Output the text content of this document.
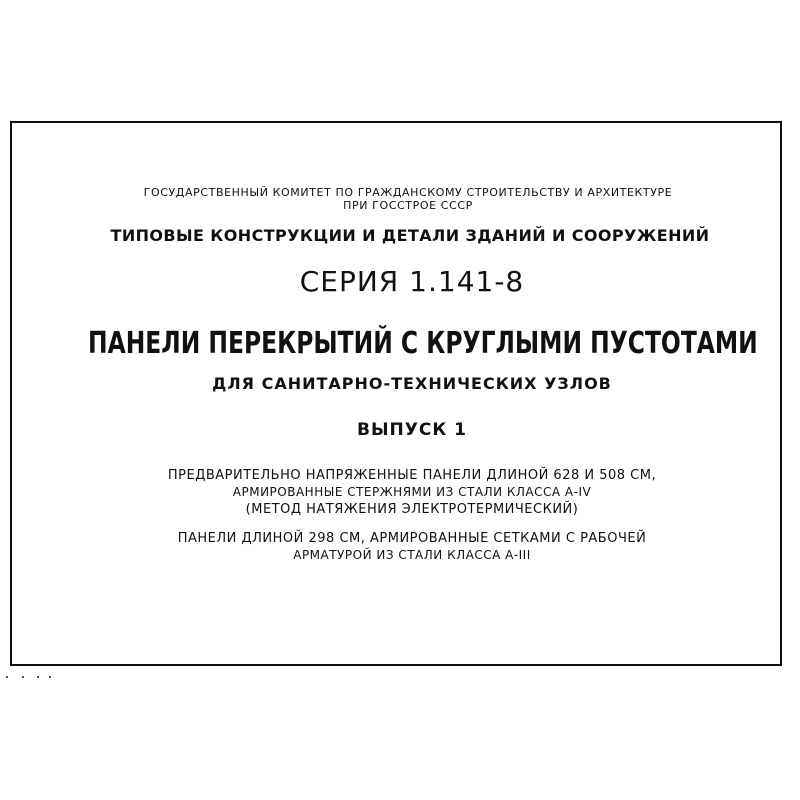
ГОСУДАРСТВЕННЫЙ КОМИТЕТ ПО ГРАЖДАНСКОМУ СТРОИТЕЛЬСТВУ И АРХИТЕКТУРЕ
ПРИ ГОССТРОЕ СССР
ТИПОВЫЕ КОНСТРУКЦИИ И ДЕТАЛИ ЗДАНИЙ И СООРУЖЕНИЙ
СЕРИЯ 1.141-8
ПАНЕЛИ ПЕРЕКРЫТИЙ С КРУГЛЫМИ ПУСТОТАМИ
ДЛЯ САНИТАРНО-ТЕХНИЧЕСКИХ УЗЛОВ
ВЫПУСК 1
ПРЕДВАРИТЕЛЬНО НАПРЯЖЕННЫЕ ПАНЕЛИ ДЛИНОЙ 628 И 508 СМ,
АРМИРОВАННЫЕ СТЕРЖНЯМИ ИЗ СТАЛИ КЛАССА А-IV
(МЕТОД НАТЯЖЕНИЯ ЭЛЕКТРОТЕРМИЧЕСКИЙ)
ПАНЕЛИ ДЛИНОЙ 298 СМ, АРМИРОВАННЫЕ СЕТКАМИ С РАБОЧЕЙ
АРМАТУРОЙ ИЗ СТАЛИ КЛАССА А-III
